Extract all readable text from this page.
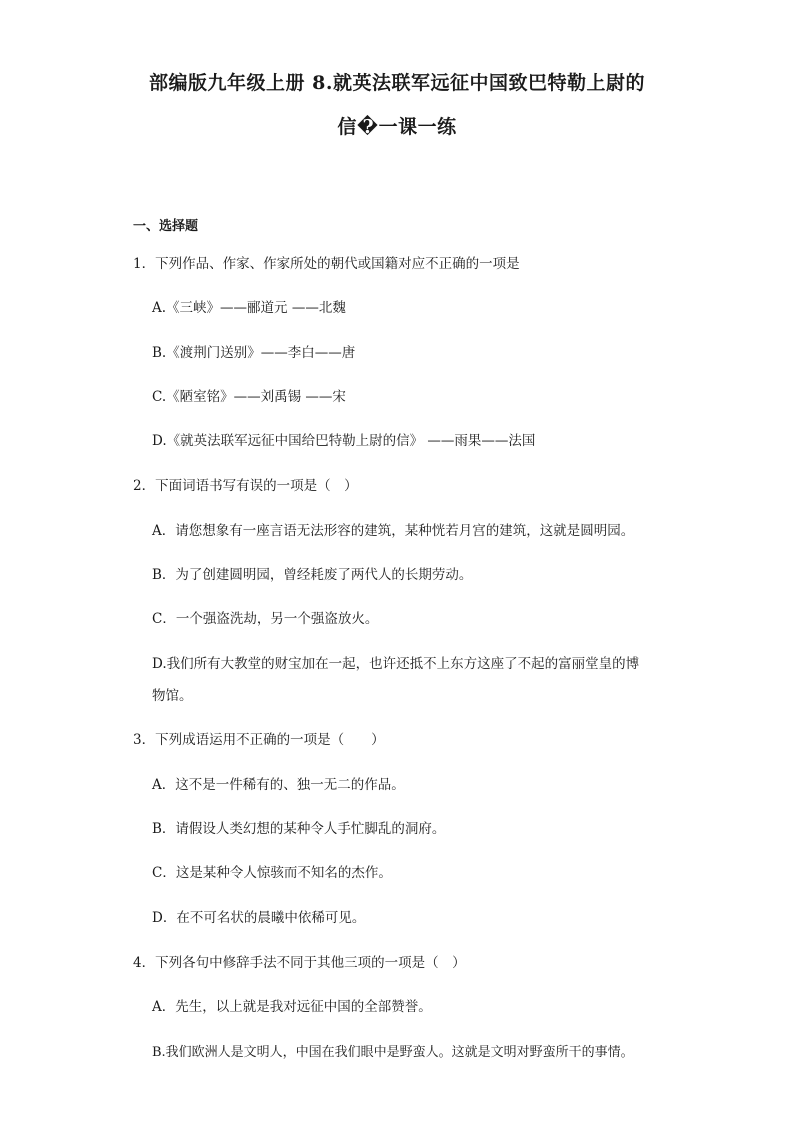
部编版九年级上册 8.就英法联军远征中国致巴特勒上尉的
信�一课一练
一、选择题
1．下列作品、作家、作家所处的朝代或国籍对应不正确的一项是
A.《三峡》——郦道元 ——北魏
B.《渡荆门送别》——李白——唐
C.《陋室铭》——刘禹锡 ——宋
D.《就英法联军远征中国给巴特勒上尉的信》 ——雨果——法国
2．下面词语书写有误的一项是（　）
A．请您想象有一座言语无法形容的建筑，某种恍若月宫的建筑，这就是圆明园。
B．为了创建圆明园，曾经耗废了两代人的长期劳动。
C．一个强盗洗劫，另一个强盗放火。
D.我们所有大教堂的财宝加在一起，也许还抵不上东方这座了不起的富丽堂皇的博
物馆。
3．下列成语运用不正确的一项是（　　）
A．这不是一件稀有的、独一无二的作品。
B．请假设人类幻想的某种令人手忙脚乱的洞府。
C．这是某种令人惊骇而不知名的杰作。
D．在不可名状的晨曦中依稀可见。
4．下列各句中修辞手法不同于其他三项的一项是（　）
A．先生，以上就是我对远征中国的全部赞誉。
B.我们欧洲人是文明人，中国在我们眼中是野蛮人。这就是文明对野蛮所干的事情。
